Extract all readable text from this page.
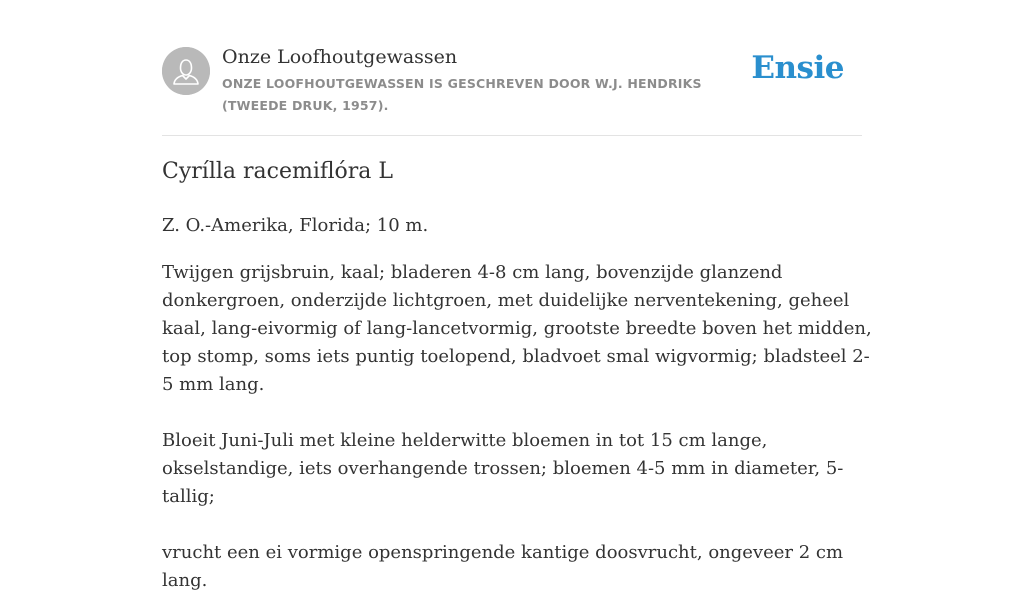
Onze Loofhoutgewassen
ONZE LOOFHOUTGEWASSEN IS GESCHREVEN DOOR W.J. HENDRIKS (TWEEDE DRUK, 1957).
Ensie
Cyrílla racemiflóra L

Z. O.-Amerika, Florida; 10 m.

Twijgen grijsbruin, kaal; bladeren 4-8 cm lang, bovenzijde glanzend donkergroen, onderzijde lichtgroen, met duidelijke nerventekening, geheel kaal, lang-eivormig of lang-lancetvormig, grootste breedte boven het midden, top stomp, soms iets puntig toelopend, bladvoet smal wigvormig; bladsteel 2-5 mm lang.

Bloeit Juni-Juli met kleine helderwitte bloemen in tot 15 cm lange, okselstandige, iets overhangende trossen; bloemen 4-5 mm in diameter, 5-tallig;

vrucht een ei vormige openspringende kantige doosvrucht, ongeveer 2 cm lang.
